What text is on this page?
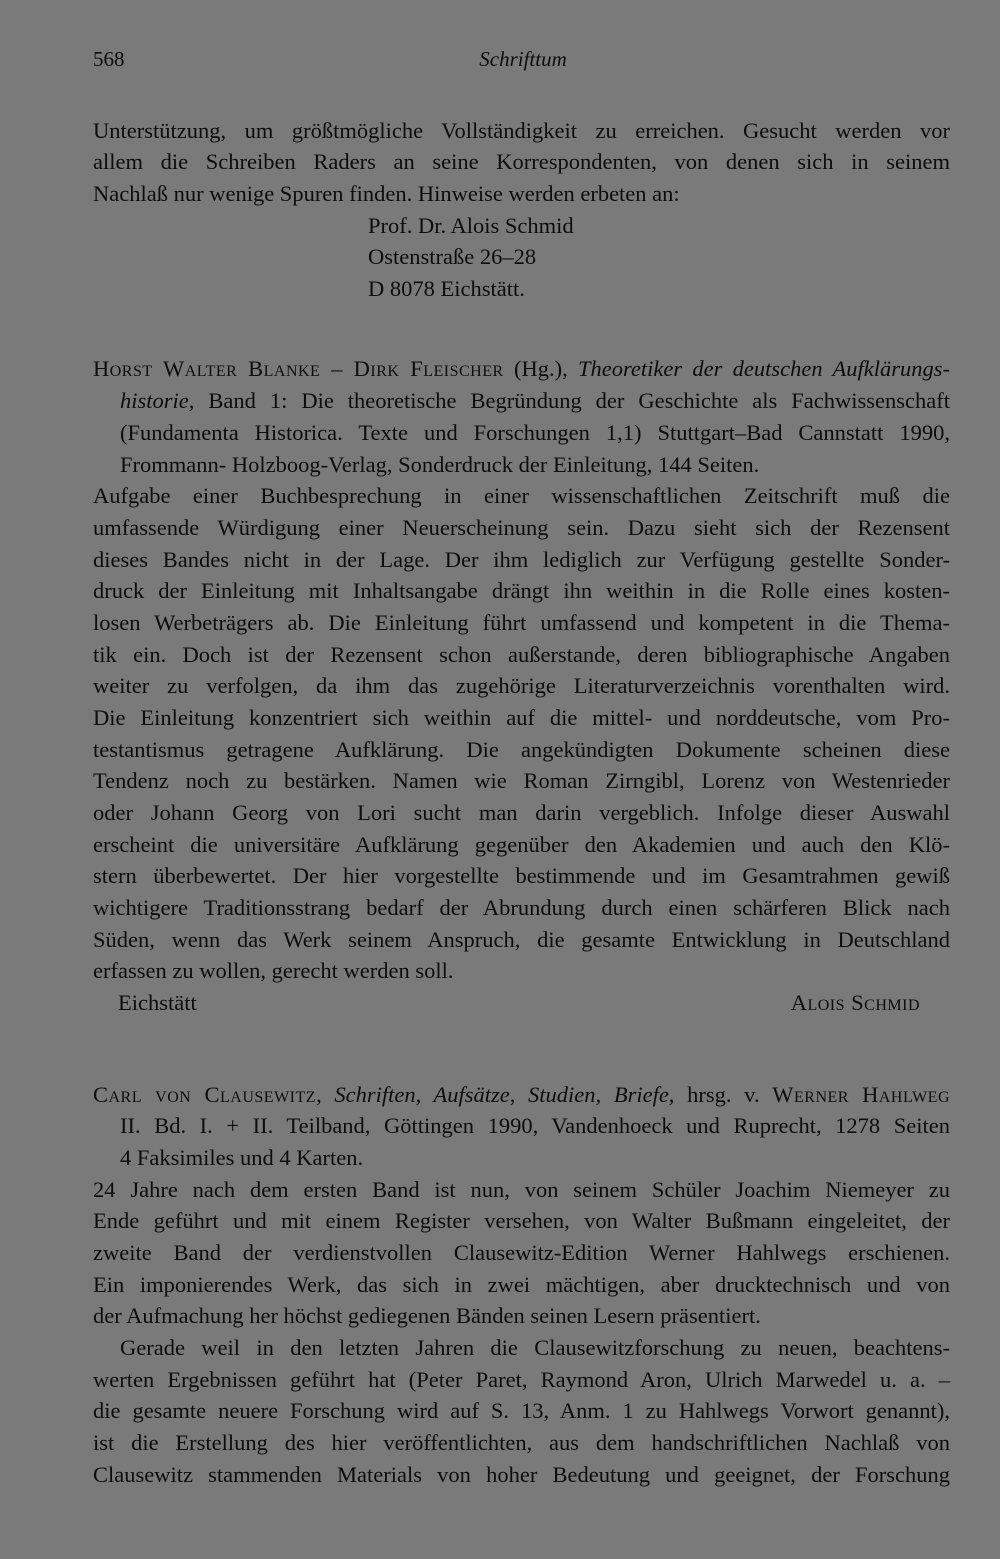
568	Schrifttum
Unterstützung, um größtmögliche Vollständigkeit zu erreichen. Gesucht werden vor
allem die Schreiben Raders an seine Korrespondenten, von denen sich in seinem
Nachlaß nur wenige Spuren finden. Hinweise werden erbeten an:
Prof. Dr. Alois Schmid
Ostenstraße 26–28
D 8078 Eichstätt.
Horst Walter Blanke – Dirk Fleischer (Hg.), Theoretiker der deutschen Aufklärungs-
historie, Band 1: Die theoretische Begründung der Geschichte als Fachwissenschaft
(Fundamenta Historica. Texte und Forschungen 1,1) Stuttgart–Bad Cannstatt 1990,
Frommann- Holzboog-Verlag, Sonderdruck der Einleitung, 144 Seiten.
Aufgabe einer Buchbesprechung in einer wissenschaftlichen Zeitschrift muß die
umfassende Würdigung einer Neuerscheinung sein. Dazu sieht sich der Rezensent
dieses Bandes nicht in der Lage. Der ihm lediglich zur Verfügung gestellte Sonder-
druck der Einleitung mit Inhaltsangabe drängt ihn weithin in die Rolle eines kosten-
losen Werbeträgers ab. Die Einleitung führt umfassend und kompetent in die Thema-
tik ein. Doch ist der Rezensent schon außerstande, deren bibliographische Angaben
weiter zu verfolgen, da ihm das zugehörige Literaturverzeichnis vorenthalten wird.
Die Einleitung konzentriert sich weithin auf die mittel- und norddeutsche, vom Pro-
testantismus getragene Aufklärung. Die angekündigten Dokumente scheinen diese
Tendenz noch zu bestärken. Namen wie Roman Zirngibl, Lorenz von Westenrieder
oder Johann Georg von Lori sucht man darin vergeblich. Infolge dieser Auswahl
erscheint die universitäre Aufklärung gegenüber den Akademien und auch den Klö-
stern überbewertet. Der hier vorgestellte bestimmende und im Gesamtrahmen gewiß
wichtigere Traditionsstrang bedarf der Abrundung durch einen schärferen Blick nach
Süden, wenn das Werk seinem Anspruch, die gesamte Entwicklung in Deutschland
erfassen zu wollen, gerecht werden soll.
Eichstätt	Alois Schmid
Carl von Clausewitz, Schriften, Aufsätze, Studien, Briefe, hrsg. v. Werner Hahlweg
II. Bd. I. + II. Teilband, Göttingen 1990, Vandenhoeck und Ruprecht, 1278 Seiten
4 Faksimiles und 4 Karten.
24 Jahre nach dem ersten Band ist nun, von seinem Schüler Joachim Niemeyer zu
Ende geführt und mit einem Register versehen, von Walter Bußmann eingeleitet, der
zweite Band der verdienstvollen Clausewitz-Edition Werner Hahlwegs erschienen.
Ein imponierendes Werk, das sich in zwei mächtigen, aber drucktechnisch und von
der Aufmachung her höchst gediegenen Bänden seinen Lesern präsentiert.
Gerade weil in den letzten Jahren die Clausewitzforschung zu neuen, beachtens-
werten Ergebnissen geführt hat (Peter Paret, Raymond Aron, Ulrich Marwedel u. a. –
die gesamte neuere Forschung wird auf S. 13, Anm. 1 zu Hahlwegs Vorwort genannt),
ist die Erstellung des hier veröffentlichten, aus dem handschriftlichen Nachlaß von
Clausewitz stammenden Materials von hoher Bedeutung und geeignet, der Forschung
